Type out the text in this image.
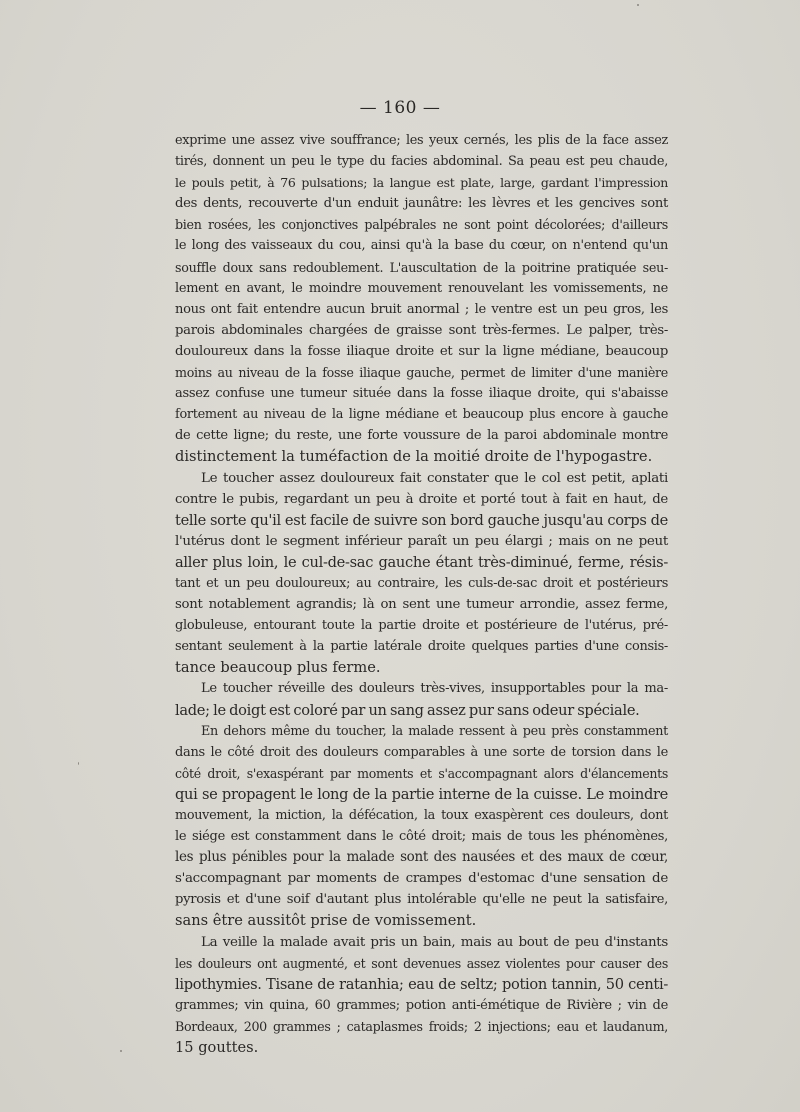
— 160 —

exprime une assez vive souffrance; les yeux cernés, les plis de la face assez
tirés, donnent un peu le type du facies abdominal. Sa peau est peu chaude,
le pouls petit, à 76 pulsations; la langue est plate, large, gardant l'impression
des dents, recouverte d'un enduit jaunâtre: les lèvres et les gencives sont
bien rosées, les conjonctives palpébrales ne sont point décolorées; d'ailleurs
le long des vaisseaux du cou, ainsi qu'à la base du cœur, on n'entend qu'un
souffle doux sans redoublement. L'auscultation de la poitrine pratiquée seu-
lement en avant, le moindre mouvement renouvelant les vomissements, ne
nous ont fait entendre aucun bruit anormal ; le ventre est un peu gros, les
parois abdominales chargées de graisse sont très-fermes. Le palper, très-
douloureux dans la fosse iliaque droite et sur la ligne médiane, beaucoup
moins au niveau de la fosse iliaque gauche, permet de limiter d'une manière
assez confuse une tumeur située dans la fosse iliaque droite, qui s'abaisse
fortement au niveau de la ligne médiane et beaucoup plus encore à gauche
de cette ligne; du reste, une forte voussure de la paroi abdominale montre
distinctement la tuméfaction de la moitié droite de l'hypogastre.

Le toucher assez douloureux fait constater que le col est petit, aplati
contre le pubis, regardant un peu à droite et porté tout à fait en haut, de
telle sorte qu'il est facile de suivre son bord gauche jusqu'au corps de
l'utérus dont le segment inférieur paraît un peu élargi ; mais on ne peut
aller plus loin, le cul-de-sac gauche étant très-diminué, ferme, résis-
tant et un peu douloureux; au contraire, les culs-de-sac droit et postérieurs
sont notablement agrandis; là on sent une tumeur arrondie, assez ferme,
globuleuse, entourant toute la partie droite et postérieure de l'utérus, pré-
sentant seulement à la partie latérale droite quelques parties d'une consis-
tance beaucoup plus ferme.

Le toucher réveille des douleurs très-vives, insupportables pour la ma-
lade; le doigt est coloré par un sang assez pur sans odeur spéciale.

En dehors même du toucher, la malade ressent à peu près constamment
dans le côté droit des douleurs comparables à une sorte de torsion dans le
côté droit, s'exaspérant par moments et s'accompagnant alors d'élancements
qui se propagent le long de la partie interne de la cuisse. Le moindre
mouvement, la miction, la défécation, la toux exaspèrent ces douleurs, dont
le siége est constamment dans le côté droit; mais de tous les phénomènes,
les plus pénibles pour la malade sont des nausées et des maux de cœur,
s'accompagnant par moments de crampes d'estomac d'une sensation de
pyrosis et d'une soif d'autant plus intolérable qu'elle ne peut la satisfaire,
sans être aussitôt prise de vomissement.

La veille la malade avait pris un bain, mais au bout de peu d'instants
les douleurs ont augmenté, et sont devenues assez violentes pour causer des
lipothymies. Tisane de ratanhia; eau de seltz; potion tannin, 50 centi-
grammes; vin quina, 60 grammes; potion anti-émétique de Rivière ; vin de
Bordeaux, 200 grammes ; cataplasmes froids; 2 injections; eau et laudanum,
15 gouttes.
